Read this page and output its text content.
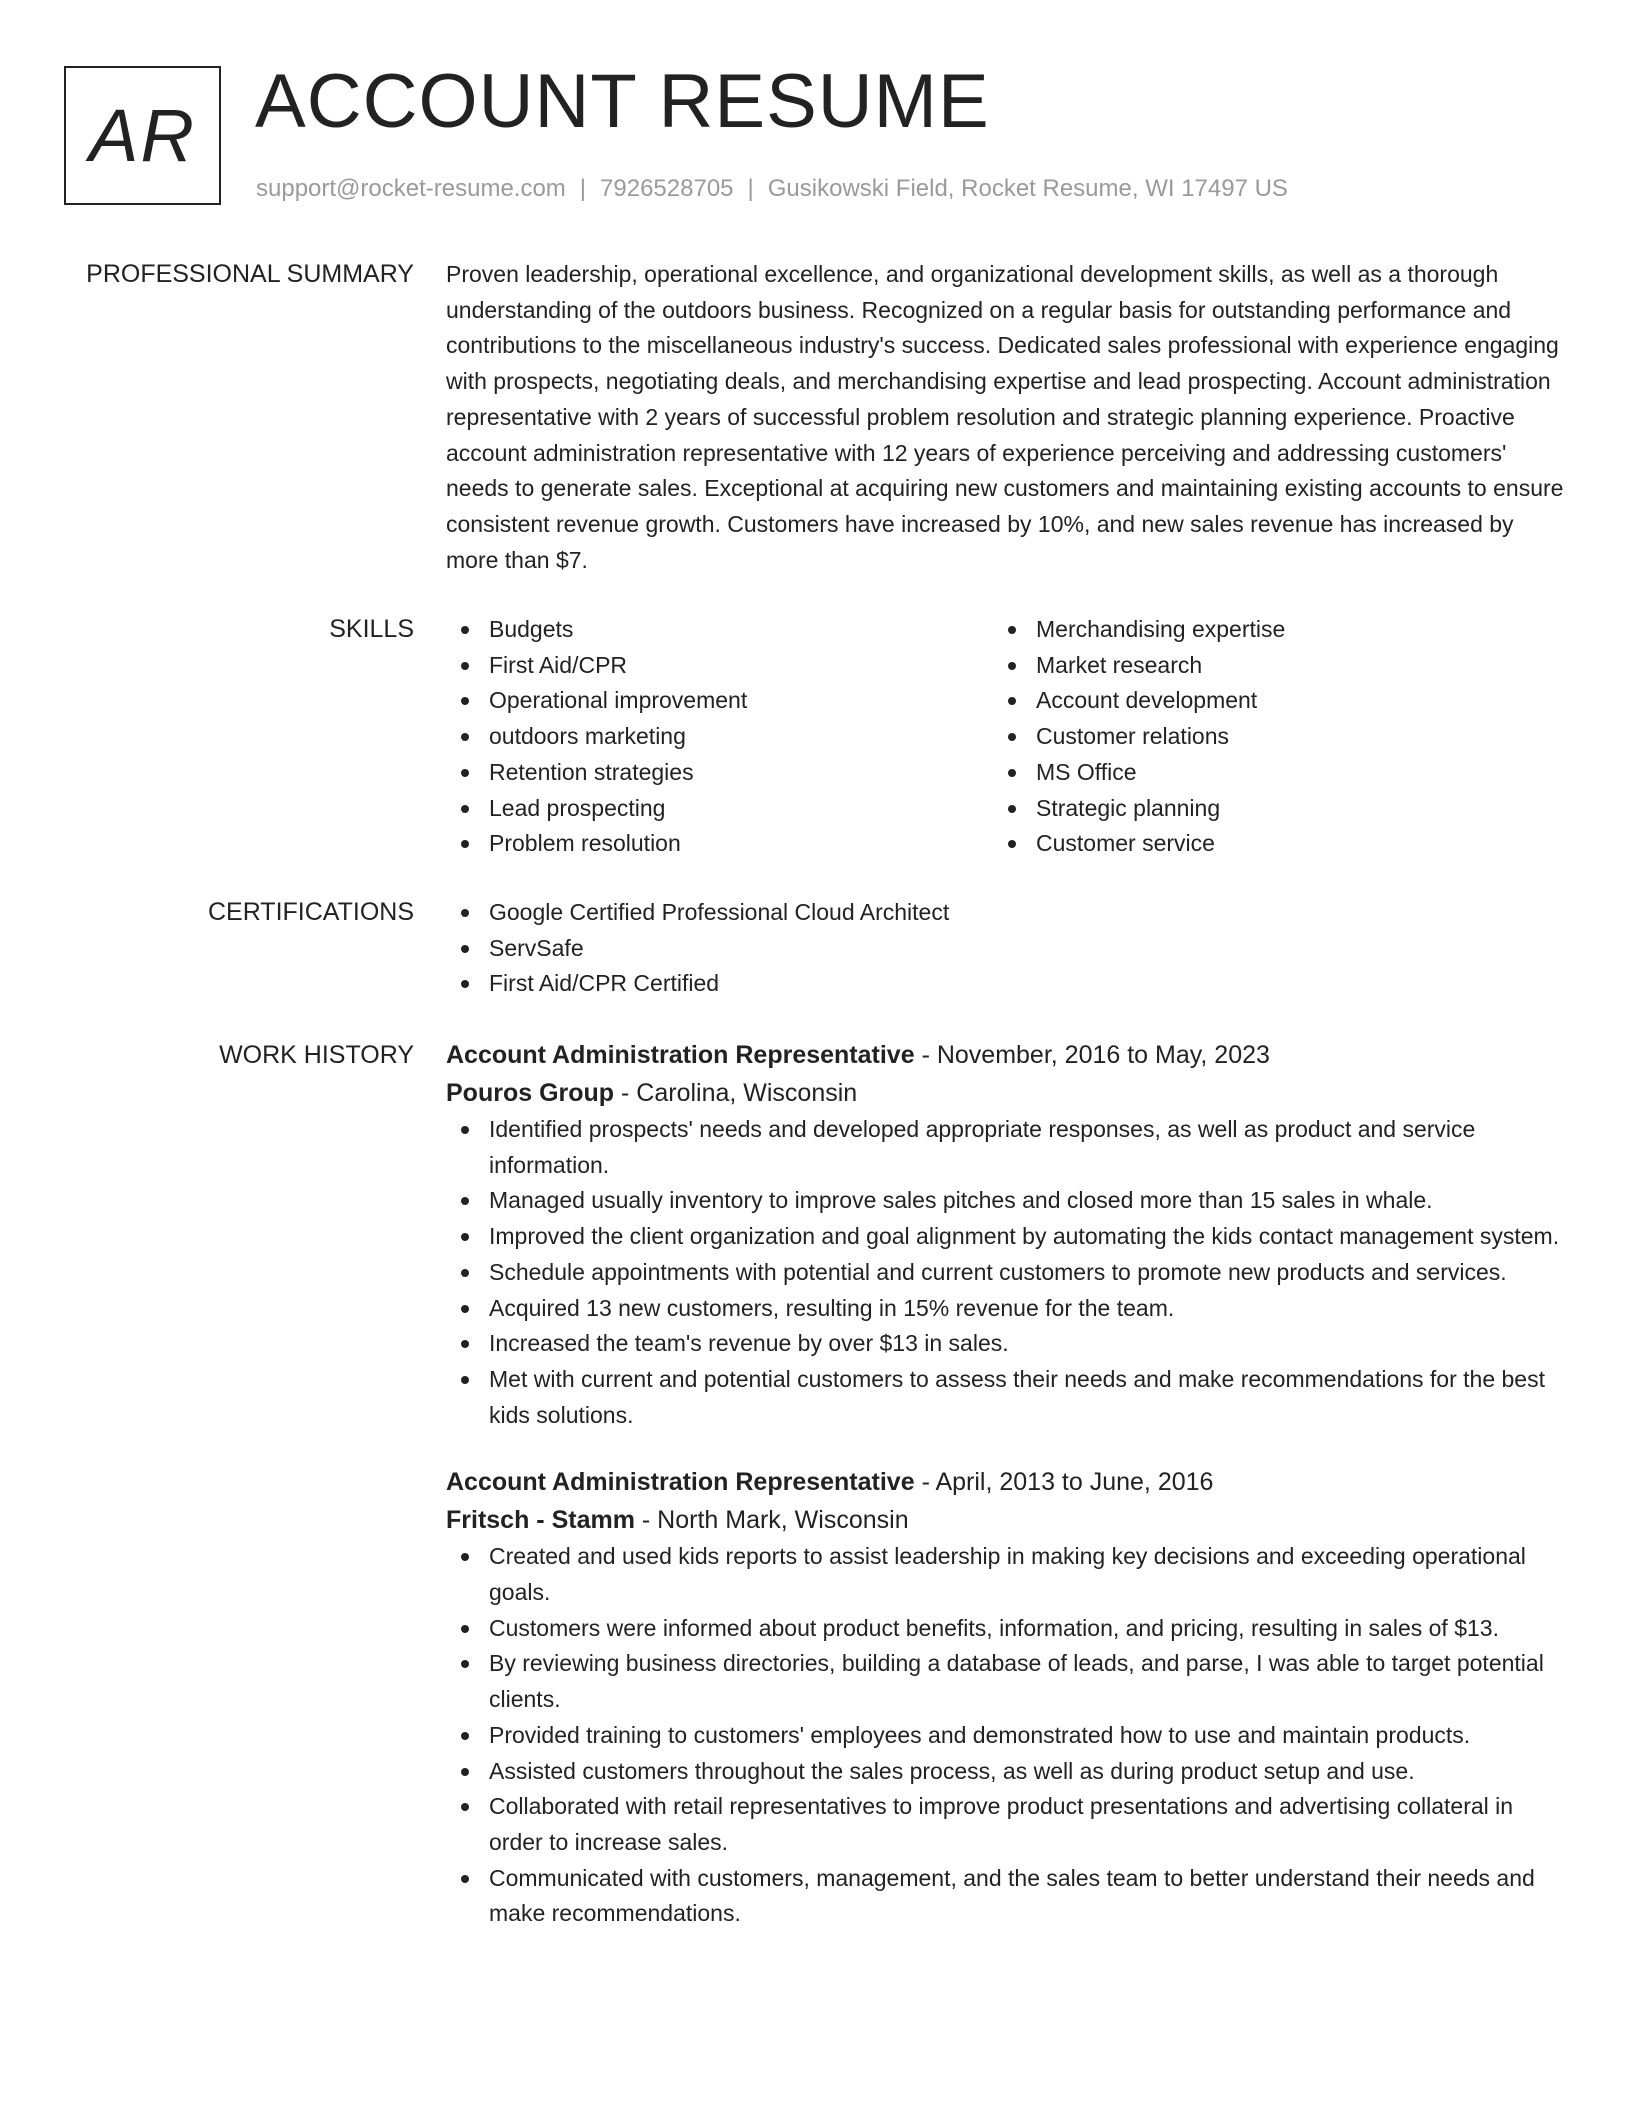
AR ACCOUNT RESUME
support@rocket-resume.com | 7926528705 | Gusikowski Field, Rocket Resume, WI 17497 US
PROFESSIONAL SUMMARY Proven leadership, operational excellence, and organizational development skills, as well as a thorough understanding of the outdoors business. Recognized on a regular basis for outstanding performance and contributions to the miscellaneous industry's success. Dedicated sales professional with experience engaging with prospects, negotiating deals, and merchandising expertise and lead prospecting. Account administration representative with 2 years of successful problem resolution and strategic planning experience. Proactive account administration representative with 12 years of experience perceiving and addressing customers' needs to generate sales. Exceptional at acquiring new customers and maintaining existing accounts to ensure consistent revenue growth. Customers have increased by 10%, and new sales revenue has increased by more than $7.

SKILLS	Budgets
First Aid/CPR
Operational improvement
outdoors marketing
Retention strategies
Lead prospecting
Problem resolution
Merchandising expertise
Market research
Account development
Customer relations
MS Office
Strategic planning
Customer service
CERTIFICATIONS	Google Certified Professional Cloud Architect
ServSafe
First Aid/CPR Certified
WORK HISTORY Account Administration Representative - November, 2016 to May, 2023
Pouros Group - Carolina, Wisconsin
Identified prospects' needs and developed appropriate responses, as well as product and service information.
Managed usually inventory to improve sales pitches and closed more than 15 sales in whale.
Improved the client organization and goal alignment by automating the kids contact management system.
Schedule appointments with potential and current customers to promote new products and services.
Acquired 13 new customers, resulting in 15% revenue for the team.
Increased the team's revenue by over $13 in sales.
Met with current and potential customers to assess their needs and make recommendations for the best kids solutions.
Account Administration Representative - April, 2013 to June, 2016
Fritsch - Stamm - North Mark, Wisconsin
Created and used kids reports to assist leadership in making key decisions and exceeding operational goals.
Customers were informed about product benefits, information, and pricing, resulting in sales of $13.
By reviewing business directories, building a database of leads, and parse, I was able to target potential clients.
Provided training to customers' employees and demonstrated how to use and maintain products.
Assisted customers throughout the sales process, as well as during product setup and use.
Collaborated with retail representatives to improve product presentations and advertising collateral in order to increase sales.
Communicated with customers, management, and the sales team to better understand their needs and make recommendations.
